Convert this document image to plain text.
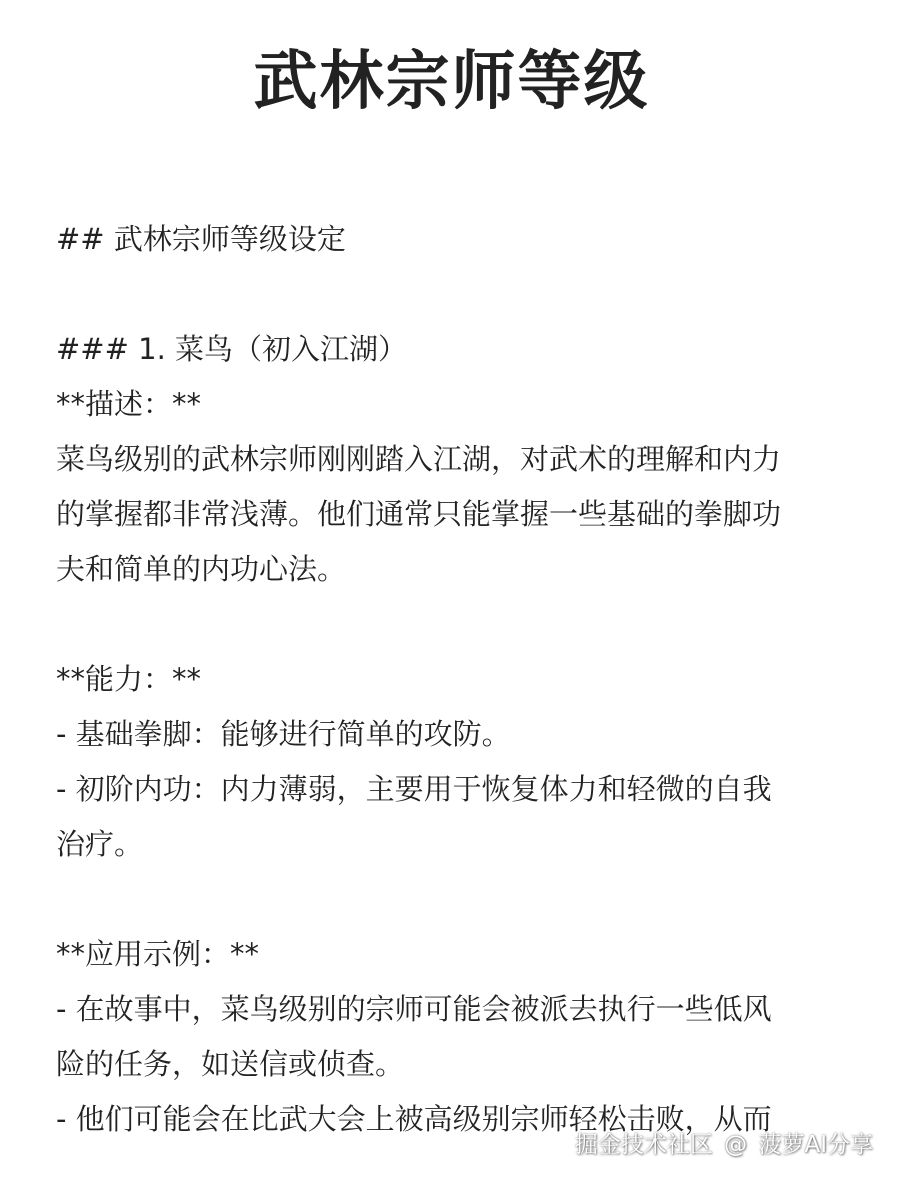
武林宗师等级
## 武林宗师等级设定
### 1. 菜鸟（初入江湖）
**描述：**
菜鸟级别的武林宗师刚刚踏入江湖，对武术的理解和内力
的掌握都非常浅薄。他们通常只能掌握一些基础的拳脚功
夫和简单的内功心法。
**能力：**
- 基础拳脚：能够进行简单的攻防。
- 初阶内功：内力薄弱，主要用于恢复体力和轻微的自我
治疗。
**应用示例：**
- 在故事中，菜鸟级别的宗师可能会被派去执行一些低风
险的任务，如送信或侦查。
- 他们可能会在比武大会上被高级别宗师轻松击败，从而
掘金技术社区 @ 菠萝AI分享
